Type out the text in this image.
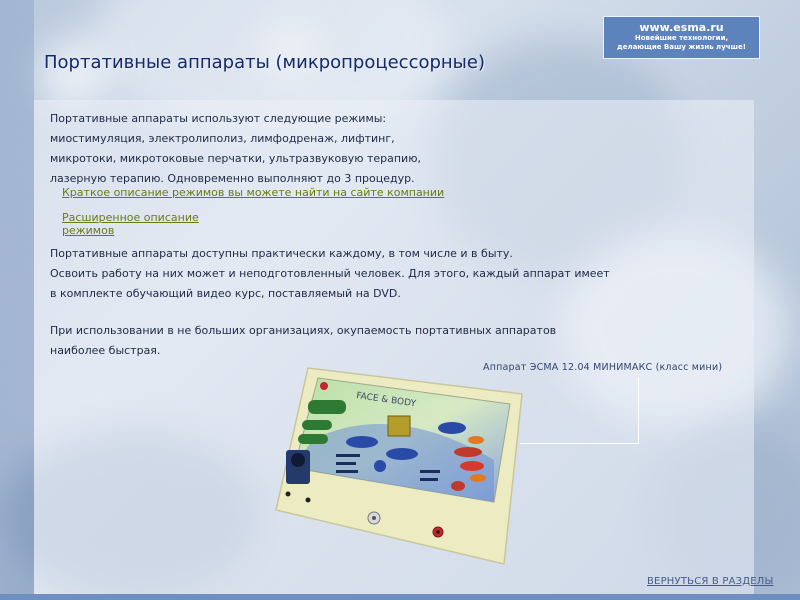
www.esma.ru
Новейшие технологии,
делающие Вашу жизнь лучше!
Портативные аппараты (микропроцессорные)
Портативные аппараты используют следующие режимы:
миостимуляция, электролиполиз, лимфодренаж, лифтинг,
микротоки, микротоковые перчатки, ультразвуковую терапию,
лазерную терапию. Одновременно выполняют до 3 процедур.
Краткое описание режимов вы можете найти на сайте компании
Расширенное описание режимов
Портативные аппараты доступны практически каждому, в том числе и в быту.
Освоить работу на них может и неподготовленный человек. Для этого, каждый аппарат имеет
в комплекте обучающий видео курс, поставляемый на DVD.
При использовании в не больших организациях, окупаемость портативных аппаратов
наиболее быстрая.
Аппарат ЭСМА 12.04 МИНИМАКС (класс мини)
FACE & BODY
ВЕРНУТЬСЯ В РАЗДЕЛЫ
